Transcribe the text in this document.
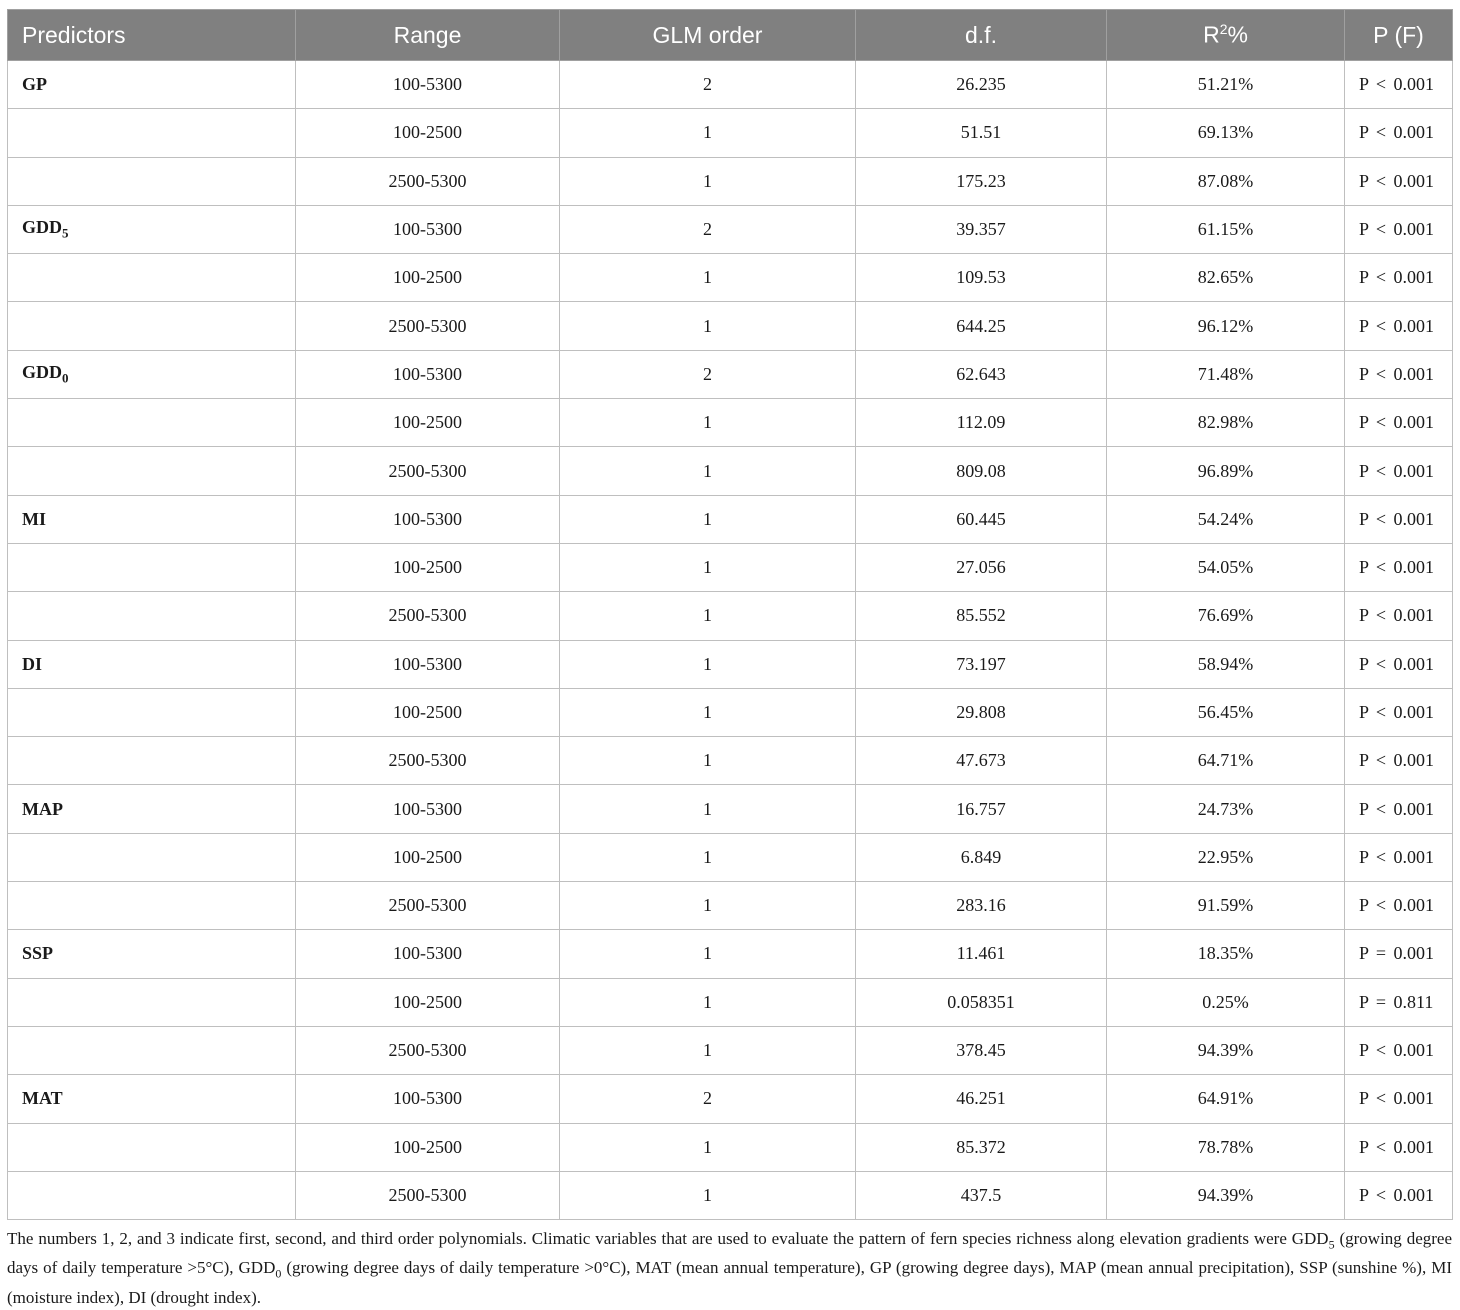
Predictors	Range	GLM order	d.f.	$R^2\%$	P (F)
GP	100-5300	2	26.235	51.21%	P < 0.001
	100-2500	1	51.51	69.13%	P < 0.001
	2500-5300	1	175.23	87.08%	P < 0.001
$GDD_5$	100-5300	2	39.357	61.15%	P < 0.001
	100-2500	1	109.53	82.65%	P < 0.001
	2500-5300	1	644.25	96.12%	P < 0.001
$GDD_0$	100-5300	2	62.643	71.48%	P < 0.001
	100-2500	1	112.09	82.98%	P < 0.001
	2500-5300	1	809.08	96.89%	P < 0.001
MI	100-5300	1	60.445	54.24%	P < 0.001
	100-2500	1	27.056	54.05%	P < 0.001
	2500-5300	1	85.552	76.69%	P < 0.001
DI	100-5300	1	73.197	58.94%	P < 0.001
	100-2500	1	29.808	56.45%	P < 0.001
	2500-5300	1	47.673	64.71%	P < 0.001
MAP	100-5300	1	16.757	24.73%	P < 0.001
	100-2500	1	6.849	22.95%	P < 0.001
	2500-5300	1	283.16	91.59%	P < 0.001
SSP	100-5300	1	11.461	18.35%	P = 0.001
	100-2500	1	0.058351	0.25%	P = 0.811
	2500-5300	1	378.45	94.39%	P < 0.001
MAT	100-5300	2	46.251	64.91%	P < 0.001
	100-2500	1	85.372	78.78%	P < 0.001
	2500-5300	1	437.5	94.39%	P < 0.001
The numbers 1, 2, and 3 indicate first, second, and third order polynomials. Climatic variables that are used to evaluate the pattern of fern species richness along elevation gradients were $GDD_5$ (growing degree days of daily temperature >5°C), $GDD_0$ (growing degree days of daily temperature >0°C), MAT (mean annual temperature), GP (growing degree days), MAP (mean annual precipitation), SSP (sunshine %), MI (moisture index), DI (drought index).
